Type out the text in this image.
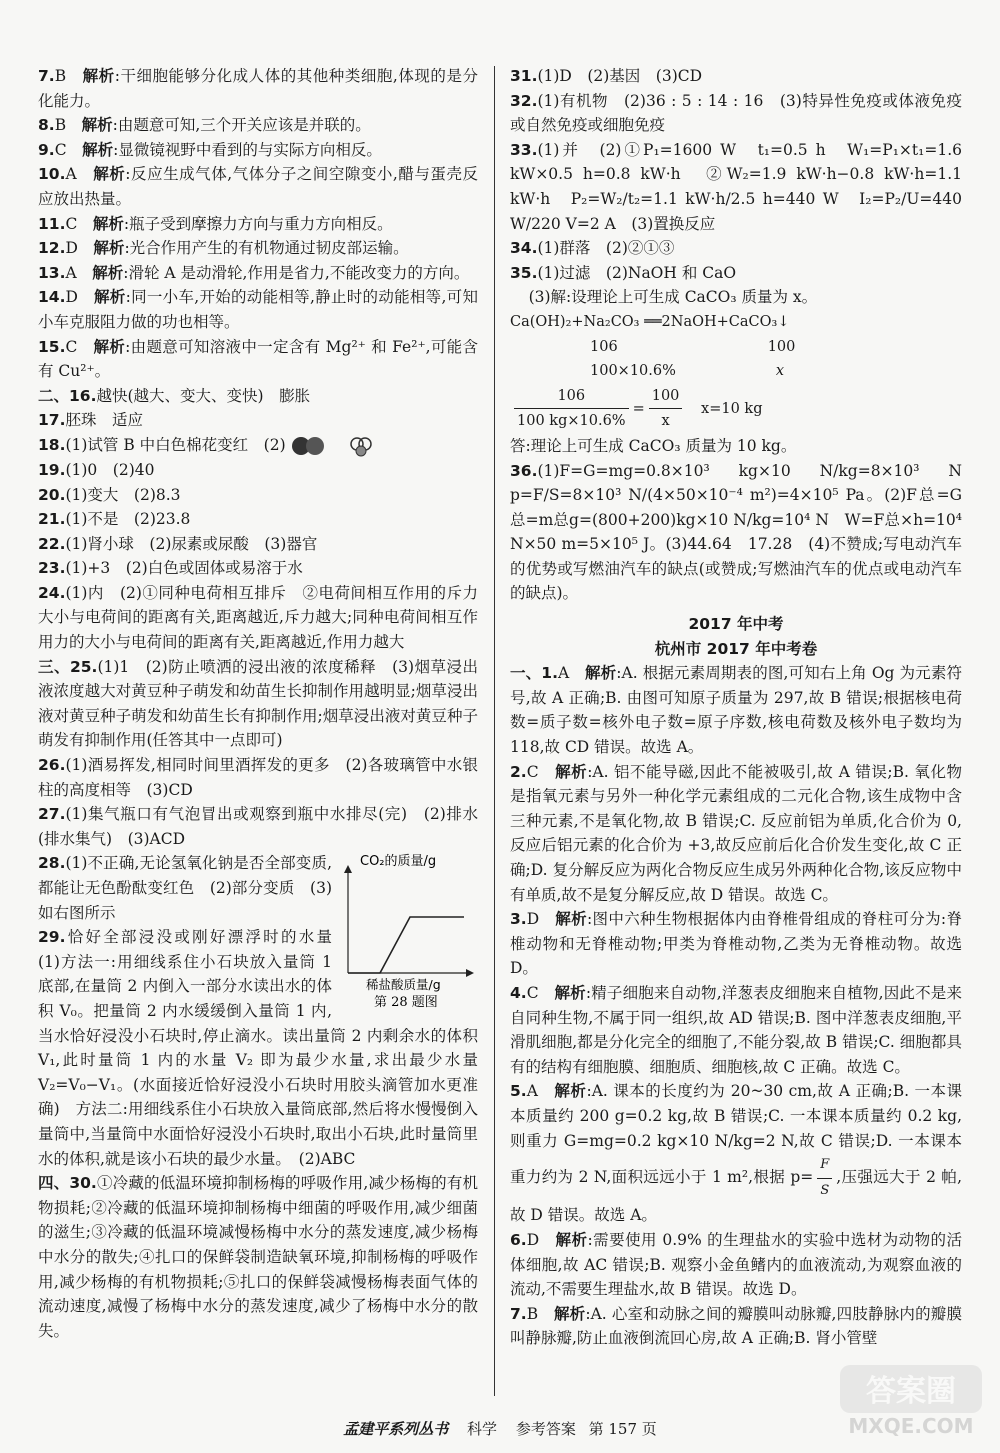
7.B　 解析:干细胞能够分化成人体的其他种类细胞,体现的是分化能力。
8.B　 解析:由题意可知,三个开关应该是并联的。
9.C　 解析:显微镜视野中看到的与实际方向相反。
10.A　 解析:反应生成气体,气体分子之间空隙变小,醋与蛋壳反应放出热量。
11.C　 解析:瓶子受到摩擦力方向与重力方向相反。
12.D　 解析:光合作用产生的有机物通过韧皮部运输。
13.A　 解析:滑轮 A 是动滑轮,作用是省力,不能改变力的方向。
14.D　 解析:同一小车,开始的动能相等,静止时的动能相等,可知小车克服阻力做的功也相等。
15.C　 解析:由题意可知溶液中一定含有 Mg²⁺ 和 Fe²⁺,可能含有 Cu²⁺。
二、16.越快(越大、变大、变快)　膨胀
17.胚珠　适应
18.(1)试管 B 中白色棉花变红　(2)
19.(1)0　(2)40
20.(1)变大　(2)8.3
21.(1)不是　(2)23.8
22.(1)肾小球　(2)尿素或尿酸　(3)器官
23.(1)+3　(2)白色或固体或易溶于水
24.(1)内　(2)①同种电荷相互排斥　②电荷间相互作用的斥力大小与电荷间的距离有关,距离越近,斥力越大;同种电荷间相互作用力的大小与电荷间的距离有关,距离越近,作用力越大
三、25.(1)1　(2)防止喷洒的浸出液的浓度稀释　(3)烟草浸出液浓度越大对黄豆种子萌发和幼苗生长抑制作用越明显;烟草浸出液对黄豆种子萌发和幼苗生长有抑制作用;烟草浸出液对黄豆种子萌发有抑制作用(任答其中一点即可)
26.(1)酒易挥发,相同时间里酒挥发的更多　(2)各玻璃管中水银柱的高度相等　(3)CD
27.(1)集气瓶口有气泡冒出或观察到瓶中水排尽(完)　(2)排水(排水集气)　(3)ACD
CO₂的质量/g
稀盐酸质量/g
第 28 题图
28.(1)不正确,无论氢氧化钠是否全部变质,都能让无色酚酞变红色　(2)部分变质　(3)如右图所示
29.恰好全部浸没或刚好漂浮时的水量　(1)方法一:用细线系住小石块放入量筒 1 底部,在量筒 2 内倒入一部分水读出水的体积 V₀。把量筒 2 内水缓缓倒入量筒 1 内,当水恰好浸没小石块时,停止滴水。读出量筒 2 内剩余水的体积 V₁,此时量筒 1 内的水量 V₂ 即为最少水量,求出最少水量 V₂=V₀−V₁。(水面接近恰好浸没小石块时用胶头滴管加水更准确)　方法二:用细线系住小石块放入量筒底部,然后将水慢慢倒入量筒中,当量筒中水面恰好浸没小石块时,取出小石块,此时量筒里水的体积,就是该小石块的最少水量。　(2)ABC
四、30.①冷藏的低温环境抑制杨梅的呼吸作用,减少杨梅的有机物损耗;②冷藏的低温环境抑制杨梅中细菌的呼吸作用,减少细菌的滋生;③冷藏的低温环境减慢杨梅中水分的蒸发速度,减少杨梅中水分的散失;④扎口的保鲜袋制造缺氧环境,抑制杨梅的呼吸作用,减少杨梅的有机物损耗;⑤扎口的保鲜袋减慢杨梅表面气体的流动速度,减慢了杨梅中水分的蒸发速度,减少了杨梅中水分的散失。
31.(1)D　(2)基因　(3)CD
32.(1)有机物　(2)36 : 5 : 14 : 16　(3)特异性免疫或体液免疫或自然免疫或细胞免疫
33.(1)并　(2)①P₁=1600 W　t₁=0.5 h　W₁=P₁×t₁=1.6 kW×0.5 h=0.8 kW·h　②W₂=1.9 kW·h−0.8 kW·h=1.1 kW·h　P₂=W₂/t₂=1.1 kW·h/2.5 h=440 W　I₂=P₂/U=440 W/220 V=2 A　(3)置换反应
34.(1)群落　(2)②①③
35.(1)过滤　(2)NaOH 和 CaO
(3)解:设理论上可生成 CaCO₃ 质量为 x。
Ca(OH)₂+Na₂CO₃ ══2NaOH+CaCO₃↓
106	100
100×10.6%	x
$\frac{106}{100 kg\times 10.6\%} = \frac{100}{x} x=10$ kg
答:理论上可生成 CaCO₃ 质量为 10 kg。
36.(1)F=G=mg=0.8×10³ kg×10 N/kg=8×10³ N　p=F/S=8×10³ N/(4×50×10⁻⁴ m²)=4×10⁵ Pa。(2)F总=G总=m总g=(800+200)kg×10 N/kg=10⁴ N　W=F总×h=10⁴ N×50 m=5×10⁵ J。(3)44.64　17.28　(4)不赞成;写电动汽车的优势或写燃油汽车的缺点(或赞成;写燃油汽车的优点或电动汽车的缺点)。
2017 年中考
杭州市 2017 年中考卷
一、1.A　 解析:A. 根据元素周期表的图,可知右上角 Og 为元素符号,故 A 正确;B. 由图可知原子质量为 297,故 B 错误;根据核电荷数=质子数=核外电子数=原子序数,核电荷数及核外电子数均为 118,故 CD 错误。故选 A。
2.C　 解析:A. 铝不能导磁,因此不能被吸引,故 A 错误;B. 氧化物是指氧元素与另外一种化学元素组成的二元化合物,该生成物中含三种元素,不是氧化物,故 B 错误;C. 反应前铝为单质,化合价为 0,反应后铝元素的化合价为 +3,故反应前后化合价发生变化,故 C 正确;D. 复分解反应为两化合物反应生成另外两种化合物,该反应物中有单质,故不是复分解反应,故 D 错误。故选 C。
3.D　 解析:图中六种生物根据体内由脊椎骨组成的脊柱可分为:脊椎动物和无脊椎动物;甲类为脊椎动物,乙类为无脊椎动物。故选 D。
4.C　 解析:精子细胞来自动物,洋葱表皮细胞来自植物,因此不是来自同种生物,不属于同一组织,故 AD 错误;B. 图中洋葱表皮细胞,平滑肌细胞,都是分化完全的细胞了,不能分裂,故 B 错误;C. 细胞都具有的结构有细胞膜、细胞质、细胞核,故 C 正确。故选 C。
5.A　 解析:A. 课本的长度约为 20~30 cm,故 A 正确;B. 一本课本质量约 200 g=0.2 kg,故 B 错误;C. 一本课本质量约 0.2 kg,则重力 G=mg=0.2 kg×10 N/kg=2 N,故 C 错误;D. 一本课本重力约为 2 N,面积远远小于 1 m²,根据 $p= \frac{F}{S}$ ,压强远大于 2 帕,故 D 错误。故选 A。
6.D　 解析:需要使用 0.9% 的生理盐水的实验中选材为动物的活体细胞,故 AC 错误;B. 观察小金鱼鳍内的血液流动,为观察血液的流动,不需要生理盐水,故 B 错误。故选 D。
7.B　 解析:A. 心室和动脉之间的瓣膜叫动脉瓣,四肢静脉内的瓣膜叫静脉瓣,防止血液倒流回心房,故 A 正确;B. 肾小管壁
孟建平系列丛书 科学 参考答案 第 157 页
答案圈
MXQE.COM
